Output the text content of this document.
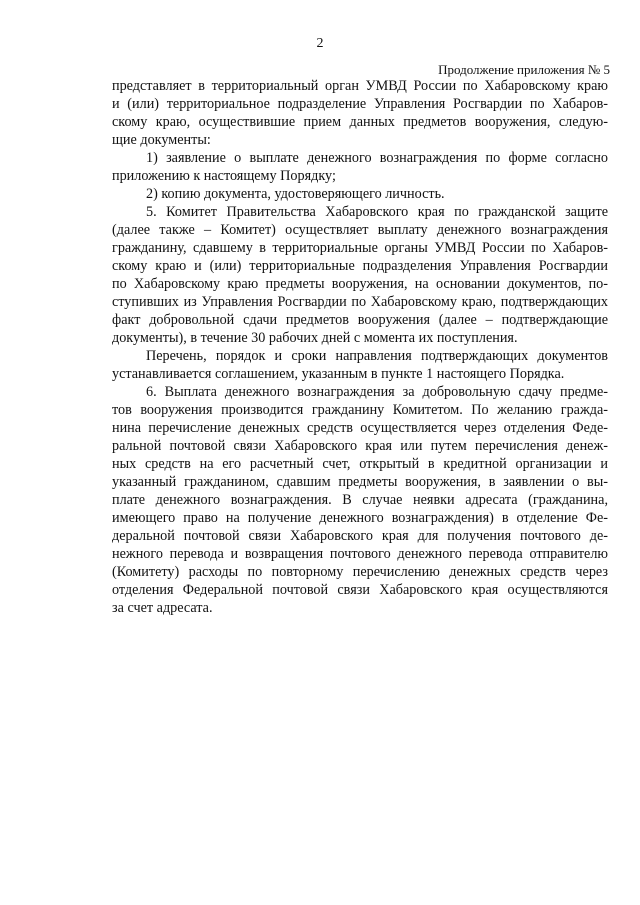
2
Продолжение приложения № 5
представляет в территориальный орган УМВД России по Хабаровскому краю
и (или) территориальное подразделение Управления Росгвардии по Хабаров-
скому краю, осуществившие прием данных предметов вооружения, следую-
щие документы:
1) заявление о выплате денежного вознаграждения по форме согласно
приложению к настоящему Порядку;
2) копию документа, удостоверяющего личность.
5. Комитет Правительства Хабаровского края по гражданской защите
(далее также – Комитет) осуществляет выплату денежного вознаграждения
гражданину, сдавшему в территориальные органы УМВД России по Хабаров-
скому краю и (или) территориальные подразделения Управления Росгвардии
по Хабаровскому краю предметы вооружения, на основании документов, по-
ступивших из Управления Росгвардии по Хабаровскому краю, подтверждающих
факт добровольной сдачи предметов вооружения (далее – подтверждающие
документы), в течение 30 рабочих дней с момента их поступления.
Перечень, порядок и сроки направления подтверждающих документов
устанавливается соглашением, указанным в пункте 1 настоящего Порядка.
6. Выплата денежного вознаграждения за добровольную сдачу предме-
тов вооружения производится гражданину Комитетом. По желанию гражда-
нина перечисление денежных средств осуществляется через отделения Феде-
ральной почтовой связи Хабаровского края или путем перечисления денеж-
ных средств на его расчетный счет, открытый в кредитной организации и
указанный гражданином, сдавшим предметы вооружения, в заявлении о вы-
плате денежного вознаграждения. В случае неявки адресата (гражданина,
имеющего право на получение денежного вознаграждения) в отделение Фе-
деральной почтовой связи Хабаровского края для получения почтового де-
нежного перевода и возвращения почтового денежного перевода отправителю
(Комитету) расходы по повторному перечислению денежных средств через
отделения Федеральной почтовой связи Хабаровского края осуществляются
за счет адресата.
